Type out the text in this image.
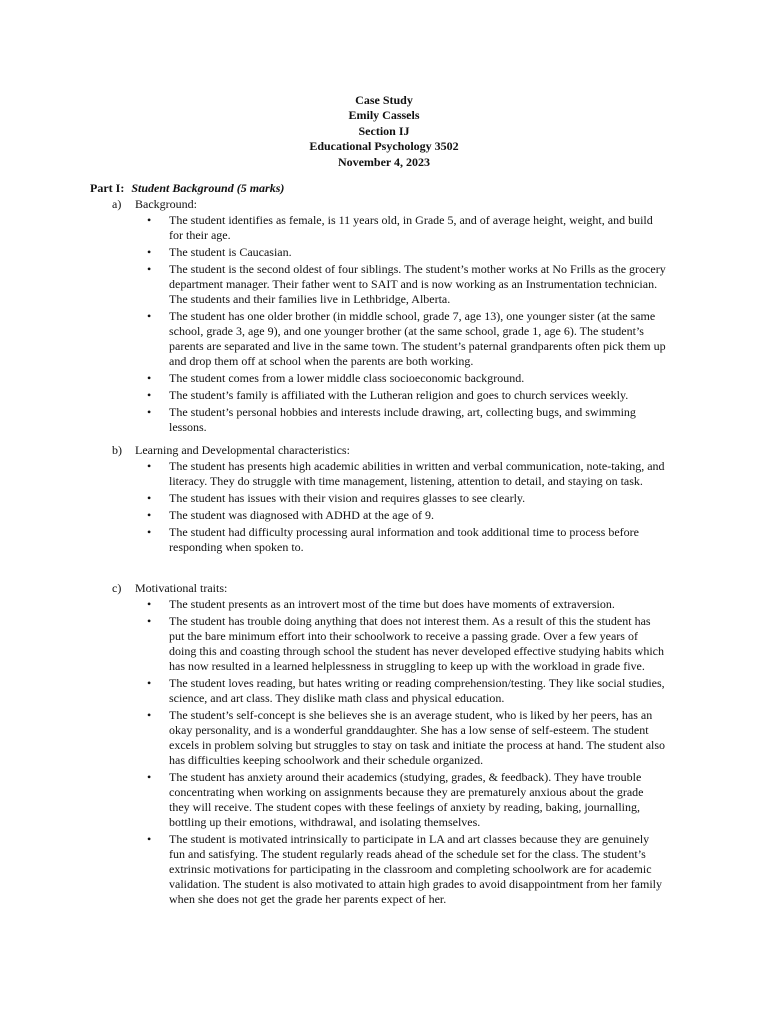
Case Study
Emily Cassels
Section IJ
Educational Psychology 3502
November 4, 2023
Part I: Student Background (5 marks)
a) Background:
• The student identifies as female, is 11 years old, in Grade 5, and of average height, weight, and build for their age.
• The student is Caucasian.
• The student is the second oldest of four siblings. The student’s mother works at No Frills as the grocery department manager. Their father went to SAIT and is now working as an Instrumentation technician. The students and their families live in Lethbridge, Alberta.
• The student has one older brother (in middle school, grade 7, age 13), one younger sister (at the same school, grade 3, age 9), and one younger brother (at the same school, grade 1, age 6). The student’s parents are separated and live in the same town. The student’s paternal grandparents often pick them up and drop them off at school when the parents are both working.
• The student comes from a lower middle class socioeconomic background.
• The student’s family is affiliated with the Lutheran religion and goes to church services weekly.
• The student’s personal hobbies and interests include drawing, art, collecting bugs, and swimming lessons.
b) Learning and Developmental characteristics:
• The student has presents high academic abilities in written and verbal communication, note-taking, and literacy. They do struggle with time management, listening, attention to detail, and staying on task.
• The student has issues with their vision and requires glasses to see clearly.
• The student was diagnosed with ADHD at the age of 9.
• The student had difficulty processing aural information and took additional time to process before responding when spoken to.
c) Motivational traits:
• The student presents as an introvert most of the time but does have moments of extraversion.
• The student has trouble doing anything that does not interest them. As a result of this the student has put the bare minimum effort into their schoolwork to receive a passing grade. Over a few years of doing this and coasting through school the student has never developed effective studying habits which has now resulted in a learned helplessness in struggling to keep up with the workload in grade five.
• The student loves reading, but hates writing or reading comprehension/testing. They like social studies, science, and art class. They dislike math class and physical education.
• The student’s self-concept is she believes she is an average student, who is liked by her peers, has an okay personality, and is a wonderful granddaughter. She has a low sense of self-esteem. The student excels in problem solving but struggles to stay on task and initiate the process at hand. The student also has difficulties keeping schoolwork and their schedule organized.
• The student has anxiety around their academics (studying, grades, & feedback). They have trouble concentrating when working on assignments because they are prematurely anxious about the grade they will receive. The student copes with these feelings of anxiety by reading, baking, journalling, bottling up their emotions, withdrawal, and isolating themselves.
• The student is motivated intrinsically to participate in LA and art classes because they are genuinely fun and satisfying. The student regularly reads ahead of the schedule set for the class. The student’s extrinsic motivations for participating in the classroom and completing schoolwork are for academic validation. The student is also motivated to attain high grades to avoid disappointment from her family when she does not get the grade her parents expect of her.
